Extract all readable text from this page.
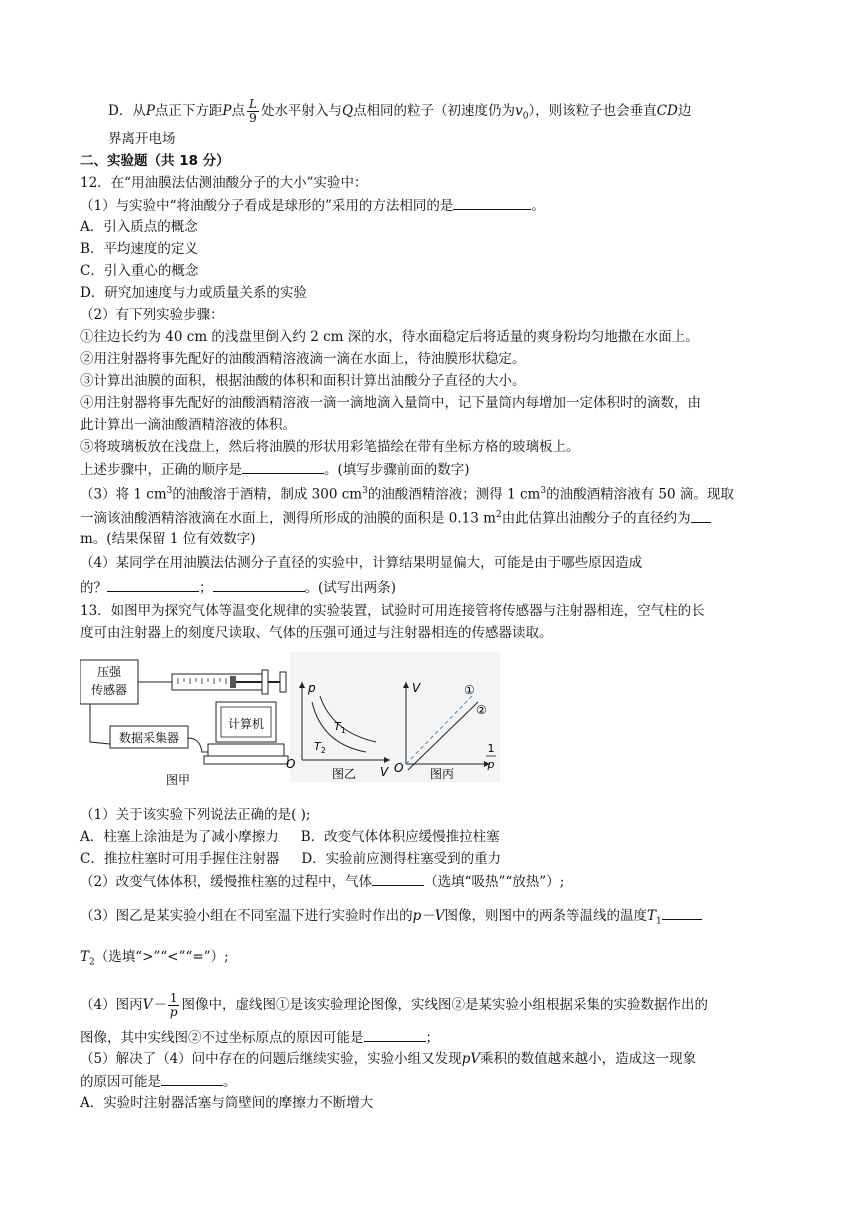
D．从P点正下方距P点 $\frac{L}{9}$ 处水平射入与Q点相同的粒子（初速度仍为$v_0$），则该粒子也会垂直CD边
界离开电场
二、实验题（共 18 分）
12．在“用油膜法估测油酸分子的大小”实验中：
（1）与实验中“将油酸分子看成是球形的”采用的方法相同的是	。
A．引入质点的概念
B．平均速度的定义
C．引入重心的概念
D．研究加速度与力或质量关系的实验
（2）有下列实验步骤：
①往边长约为 40 cm 的浅盘里倒入约 2 cm 深的水，待水面稳定后将适量的爽身粉均匀地撒在水面上。
②用注射器将事先配好的油酸酒精溶液滴一滴在水面上，待油膜形状稳定。
③计算出油膜的面积，根据油酸的体积和面积计算出油酸分子直径的大小。
④用注射器将事先配好的油酸酒精溶液一滴一滴地滴入量筒中，记下量筒内每增加一定体积时的滴数，由
此计算出一滴油酸酒精溶液的体积。
⑤将玻璃板放在浅盘上，然后将油膜的形状用彩笔描绘在带有坐标方格的玻璃板上。
上述步骤中，正确的顺序是	。(填写步骤前面的数字)
（3）将 1 $cm^3$的油酸溶于酒精，制成 300 $cm^3$的油酸酒精溶液；测得 1 $cm^3$的油酸酒精溶液有 50 滴。现取
一滴该油酸酒精溶液滴在水面上，测得所形成的油膜的面积是 0.13 $m^2$由此估算出油酸分子的直径约为
m。(结果保留 1 位有效数字)
（4）某同学在用油膜法估测分子直径的实验中，计算结果明显偏大，可能是由于哪些原因造成
的？	；	。(试写出两条)
13．如图甲为探究气体等温变化规律的实验装置，试验时可用连接管将传感器与注射器相连，空气柱的长
度可由注射器上的刻度尺读取、气体的压强可通过与注射器相连的传感器读取。
压强
传感器
数据采集器
计算机
图甲
p
V
O
$T_1$
$T_2$
图乙
V
O
①
②
1
p
图丙
（1）关于该实验下列说法正确的是( );
A．柱塞上涂油是为了减小摩擦力 B．改变气体体积应缓慢推拉柱塞
C．推拉柱塞时可用手握住注射器 D．实验前应测得柱塞受到的重力
（2）改变气体体积，缓慢推柱塞的过程中，气体	（选填“吸热”“放热”）;
（3）图乙是某实验小组在不同室温下进行实验时作出的p－V图像，则图中的两条等温线的温度$T_1$
$T_2$（选填“>”“<”“=”）;
（4）图丙$V- \frac{1}{p}$ 图像中，虚线图①是该实验理论图像，实线图②是某实验小组根据采集的实验数据作出的
图像，其中实线图②不过坐标原点的原因可能是	；
（5）解决了（4）问中存在的问题后继续实验，实验小组又发现pV乘积的数值越来越小，造成这一现象
的原因可能是	。
A．实验时注射器活塞与筒壁间的摩擦力不断增大
